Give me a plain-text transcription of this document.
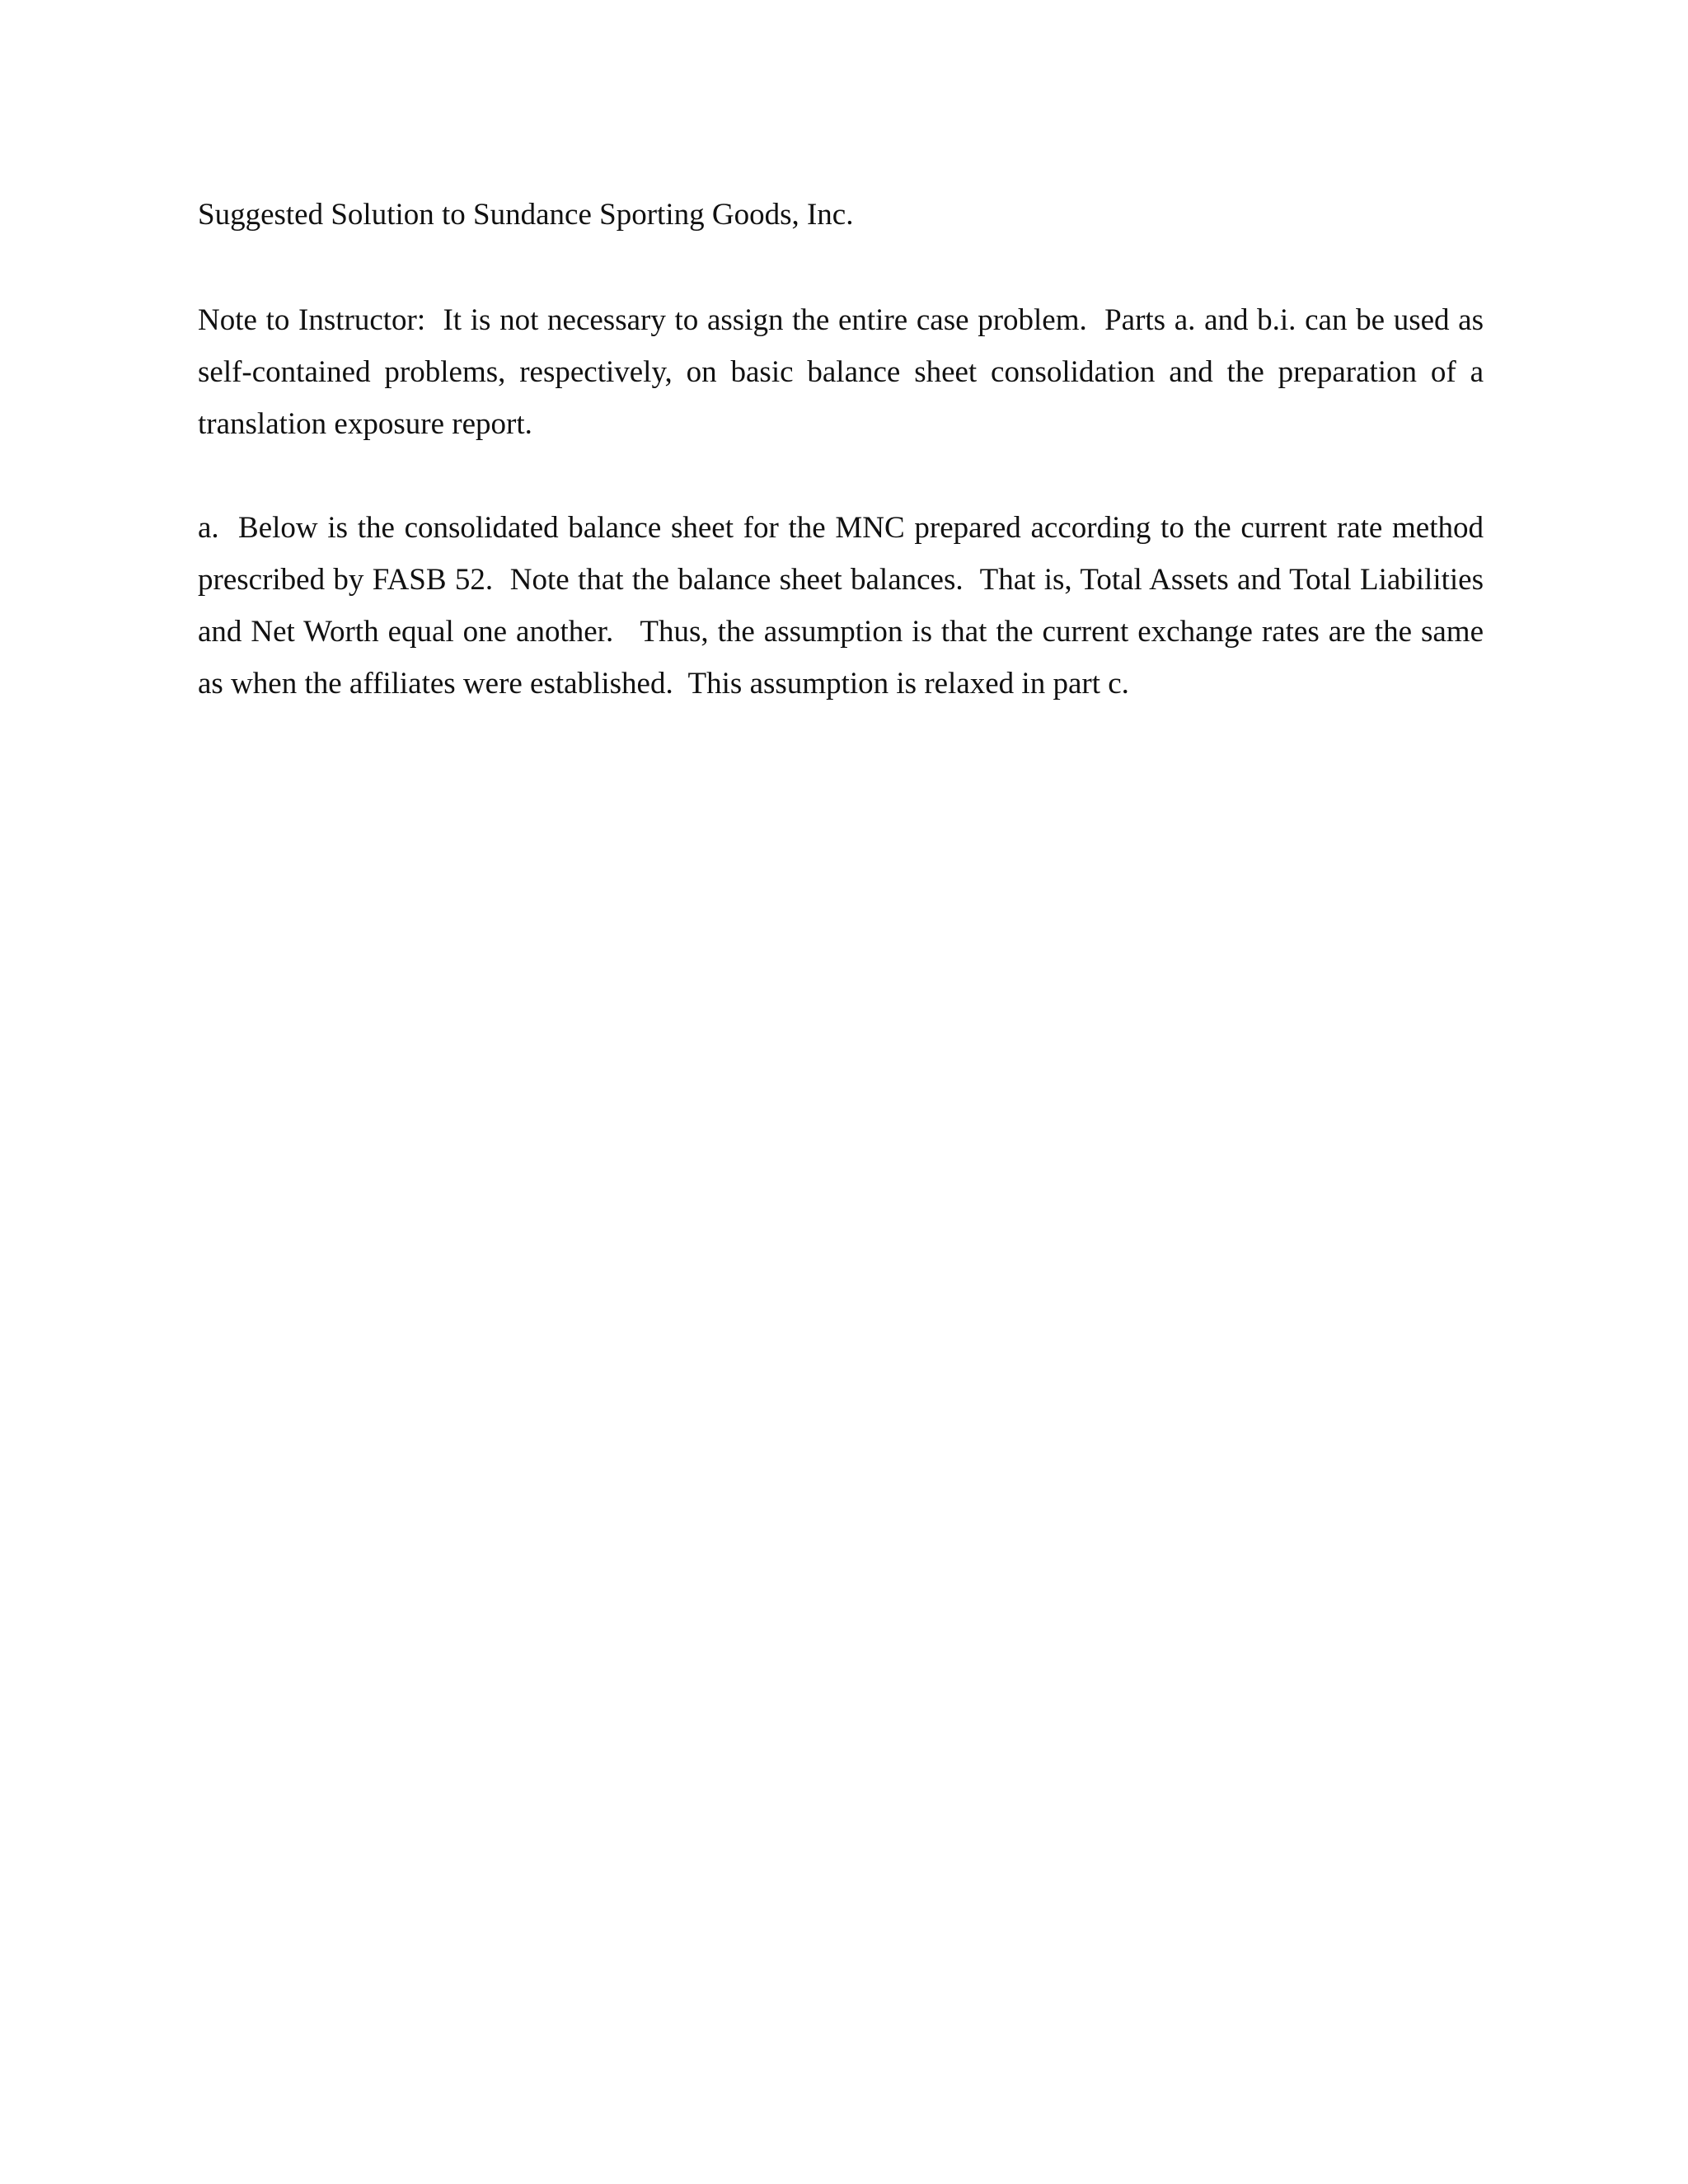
Suggested Solution to Sundance Sporting Goods, Inc.

Note to Instructor:  It is not necessary to assign the entire case problem.  Parts a. and b.i. can be used as self-contained problems, respectively, on basic balance sheet consolidation and the preparation of a translation exposure report.

a.  Below is the consolidated balance sheet for the MNC prepared according to the current rate method prescribed by FASB 52.  Note that the balance sheet balances.  That is, Total Assets and Total Liabilities and Net Worth equal one another.   Thus, the assumption is that the current exchange rates are the same as when the affiliates were established.  This assumption is relaxed in part c.
